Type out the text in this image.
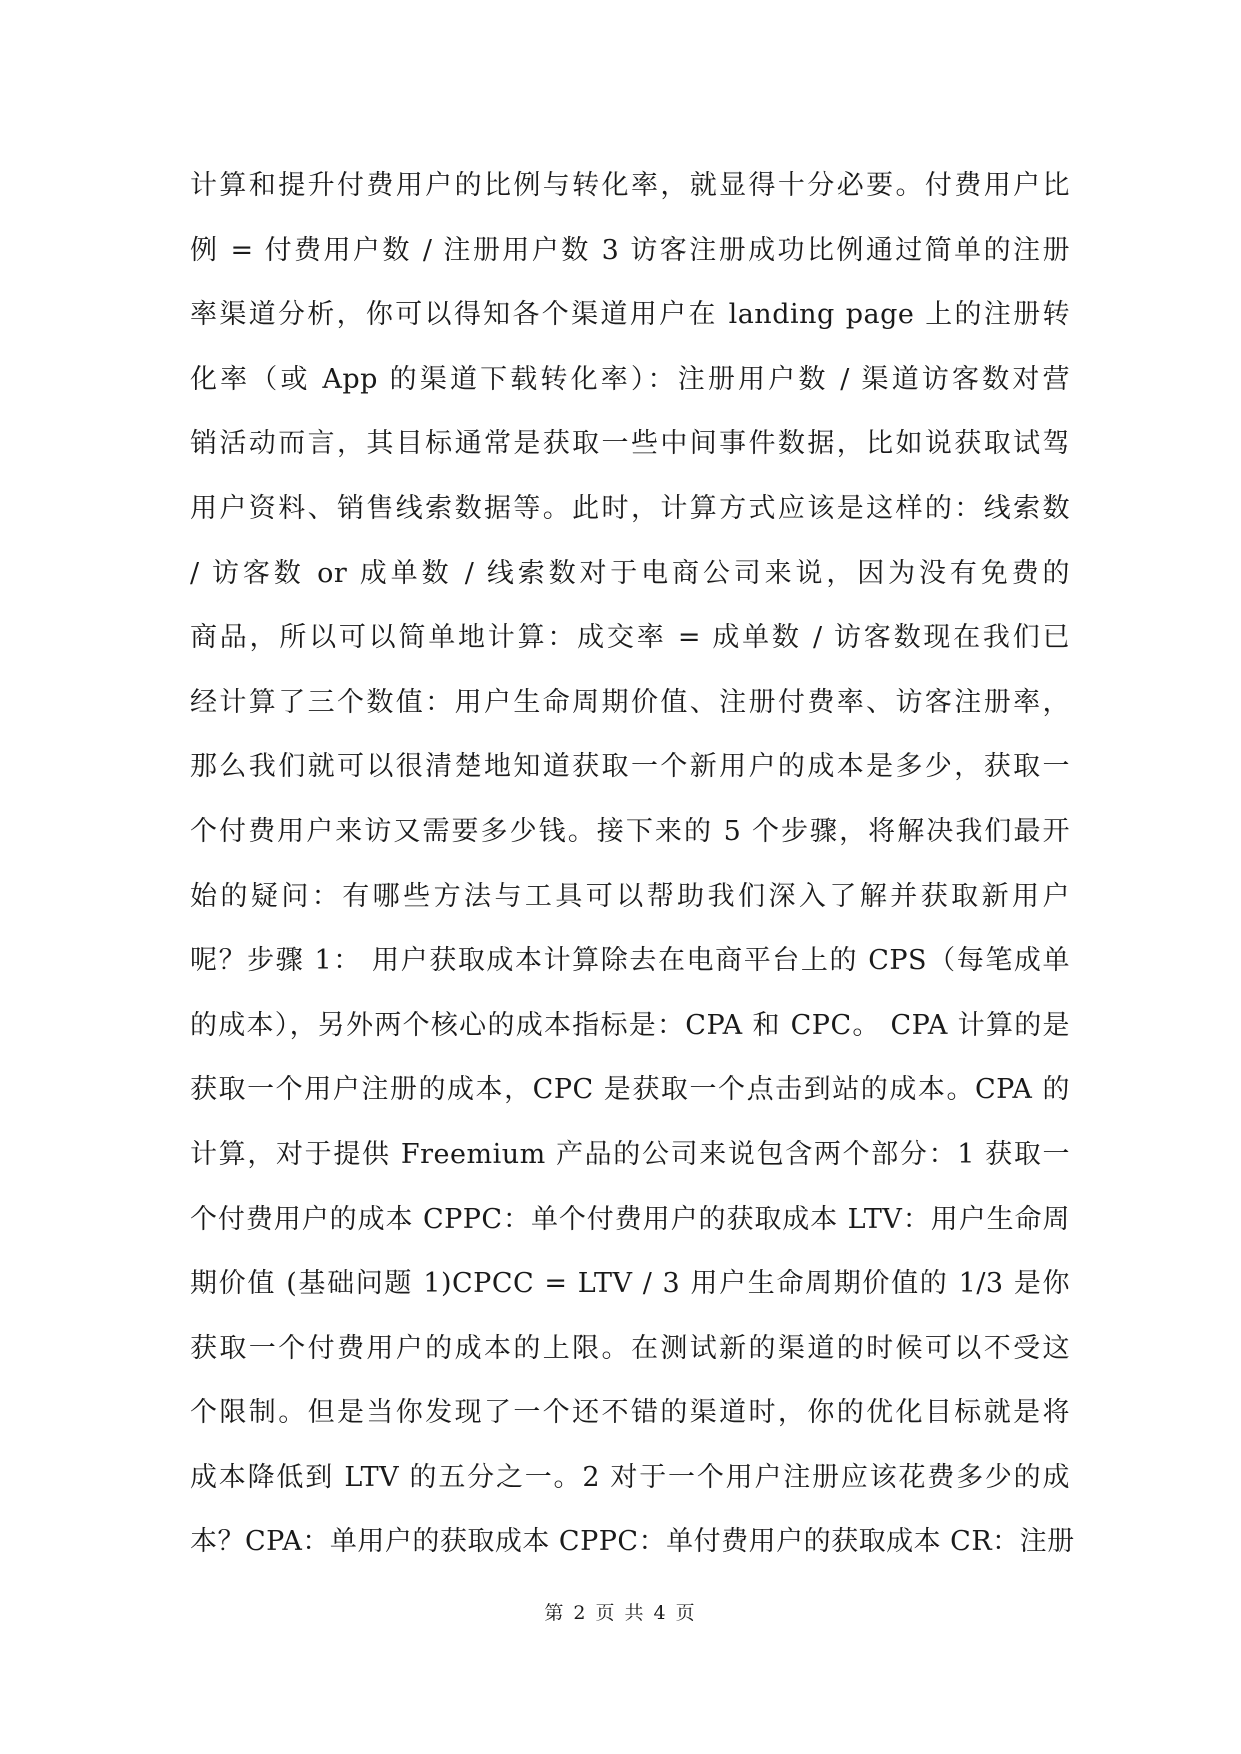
计算和提升付费用户的比例与转化率，就显得十分必要。付费用户比
例 = 付费用户数 / 注册用户数 3 访客注册成功比例通过简单的注册
率渠道分析，你可以得知各个渠道用户在 landing page 上的注册转
化率（或 App 的渠道下载转化率）：注册用户数 / 渠道访客数对营
销活动而言，其目标通常是获取一些中间事件数据，比如说获取试驾
用户资料、销售线索数据等。此时，计算方式应该是这样的：线索数
/ 访客数 or 成单数 / 线索数对于电商公司来说，因为没有免费的
商品，所以可以简单地计算：成交率 = 成单数 / 访客数现在我们已
经计算了三个数值：用户生命周期价值、注册付费率、访客注册率，
那么我们就可以很清楚地知道获取一个新用户的成本是多少，获取一
个付费用户来访又需要多少钱。接下来的 5 个步骤，将解决我们最开
始的疑问：有哪些方法与工具可以帮助我们深入了解并获取新用户
呢？步骤 1： 用户获取成本计算除去在电商平台上的 CPS（每笔成单
的成本），另外两个核心的成本指标是：CPA 和 CPC。 CPA 计算的是
获取一个用户注册的成本，CPC 是获取一个点击到站的成本。CPA 的
计算，对于提供 Freemium 产品的公司来说包含两个部分：1 获取一
个付费用户的成本 CPPC：单个付费用户的获取成本 LTV：用户生命周
期价值 (基础问题 1)CPCC = LTV / 3 用户生命周期价值的 1/3 是你
获取一个付费用户的成本的上限。在测试新的渠道的时候可以不受这
个限制。但是当你发现了一个还不错的渠道时，你的优化目标就是将
成本降低到 LTV 的五分之一。2 对于一个用户注册应该花费多少的成
本？CPA：单用户的获取成本 CPPC：单付费用户的获取成本 CR：注册
第 2 页 共 4 页
